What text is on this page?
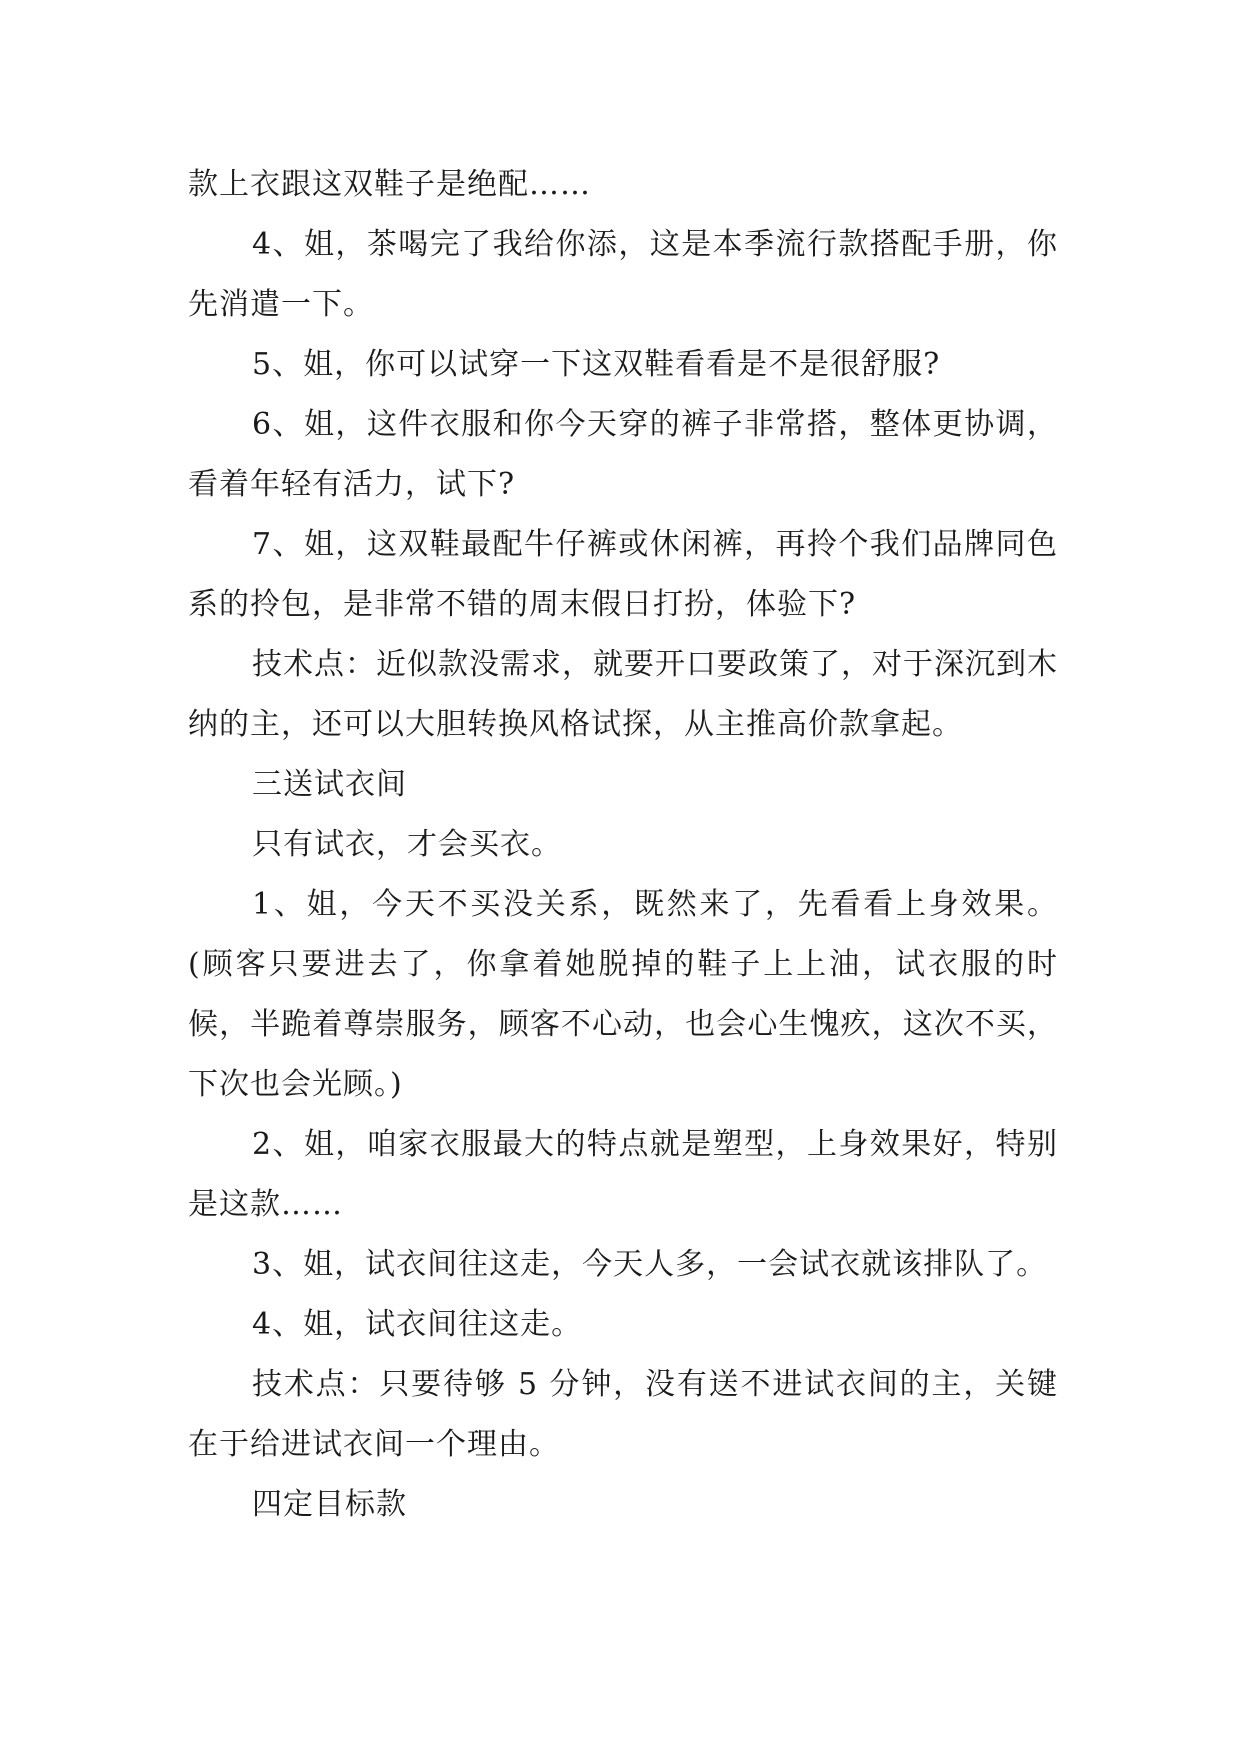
款上衣跟这双鞋子是绝配……

4、姐，茶喝完了我给你添，这是本季流行款搭配手册，你先消遣一下。

5、姐，你可以试穿一下这双鞋看看是不是很舒服?

6、姐，这件衣服和你今天穿的裤子非常搭，整体更协调，看着年轻有活力，试下?

7、姐，这双鞋最配牛仔裤或休闲裤，再拎个我们品牌同色系的拎包，是非常不错的周末假日打扮，体验下?

技术点：近似款没需求，就要开口要政策了，对于深沉到木纳的主，还可以大胆转换风格试探，从主推高价款拿起。

三送试衣间

只有试衣，才会买衣。

1、姐，今天不买没关系，既然来了，先看看上身效果。(顾客只要进去了，你拿着她脱掉的鞋子上上油，试衣服的时候，半跪着尊崇服务，顾客不心动，也会心生愧疚，这次不买，下次也会光顾。)

2、姐，咱家衣服最大的特点就是塑型，上身效果好，特别是这款……

3、姐，试衣间往这走，今天人多，一会试衣就该排队了。

4、姐，试衣间往这走。

技术点：只要待够 5 分钟，没有送不进试衣间的主，关键在于给进试衣间一个理由。

四定目标款
